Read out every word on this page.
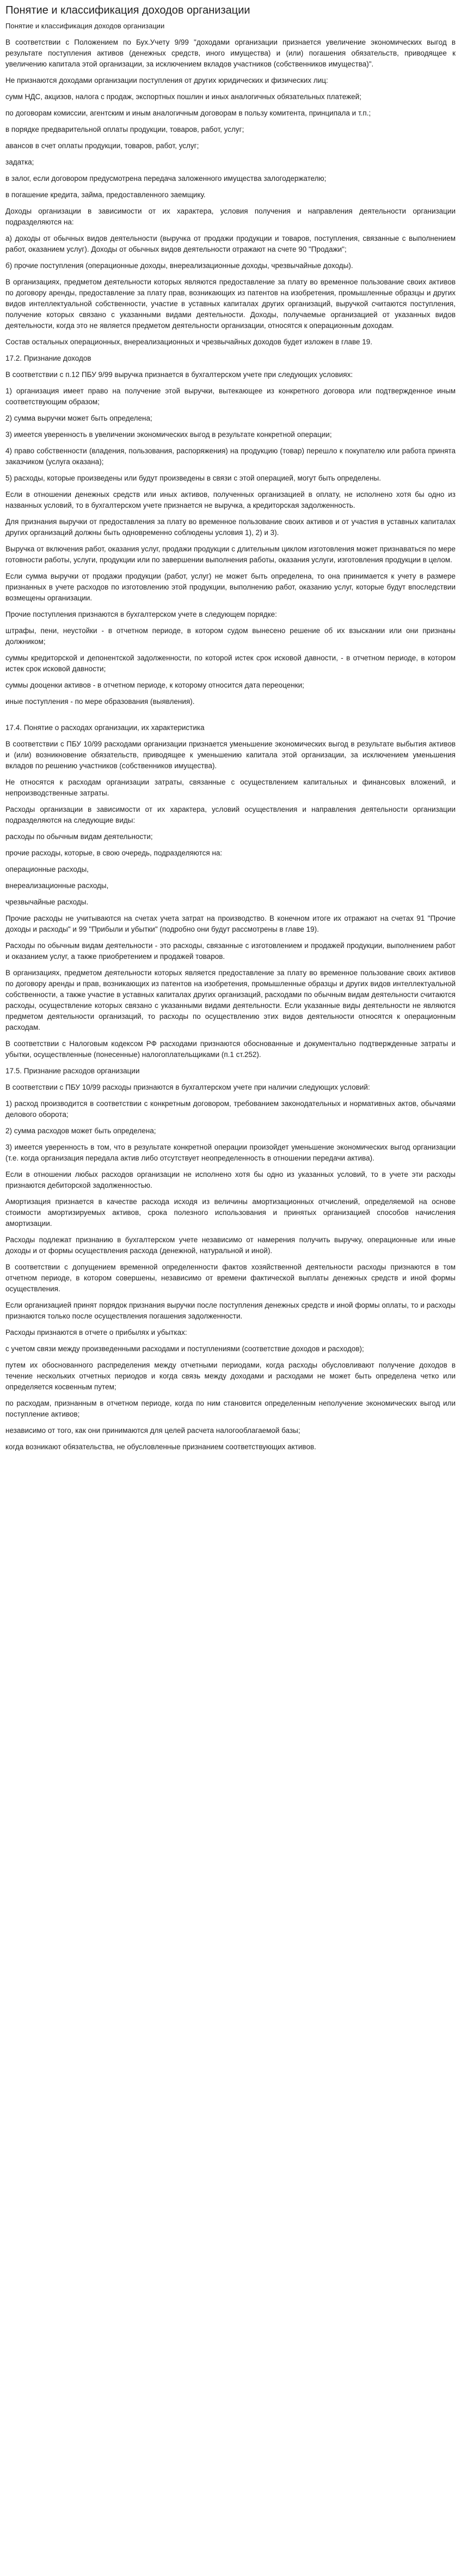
Понятие и классификация доходов организации
Понятие и классификация доходов организации

В соответствии с Положением по Бух.Учету 9/99 "доходами организации признается увеличение экономических выгод в результате поступления активов (денежных средств, иного имущества) и (или) погашения обязательств, приводящее к увеличению капитала этой организации, за исключением вкладов участников (собственников имущества)".

Не признаются доходами организации поступления от других юридических и физических лиц:

сумм НДС, акцизов, налога с продаж, экспортных пошлин и иных аналогичных обязательных платежей;

по договорам комиссии, агентским и иным аналогичным договорам в пользу комитента, принципала и т.п.;

в порядке предварительной оплаты продукции, товаров, работ, услуг;

авансов в счет оплаты продукции, товаров, работ, услуг;

задатка;

в залог, если договором предусмотрена передача заложенного имущества залогодержателю;

в погашение кредита, займа, предоставленного заемщику.

Доходы организации в зависимости от их характера, условия получения и направления деятельности организации подразделяются на:

а) доходы от обычных видов деятельности (выручка от продажи продукции и товаров, поступления, связанные с выполнением работ, оказанием услуг). Доходы от обычных видов деятельности отражают на счете 90 "Продажи";

б) прочие поступления (операционные доходы, внереализационные доходы, чрезвычайные доходы).

В организациях, предметом деятельности которых являются предоставление за плату во временное пользование своих активов по договору аренды, предоставление за плату прав, возникающих из патентов на изобретения, промышленные образцы и других видов интеллектуальной собственности, участие в уставных капиталах других организаций, выручкой считаются поступления, получение которых связано с указанными видами деятельности. Доходы, получаемые организацией от указанных видов деятельности, когда это не является предметом деятельности организации, относятся к операционным доходам.

Состав остальных операционных, внереализационных и чрезвычайных доходов будет изложен в главе 19.

17.2. Признание доходов

В соответствии с п.12 ПБУ 9/99 выручка признается в бухгалтерском учете при следующих условиях:

1) организация имеет право на получение этой выручки, вытекающее из конкретного договора или подтвержденное иным соответствующим образом;

2) сумма выручки может быть определена;

3) имеется уверенность в увеличении экономических выгод в результате конкретной операции;

4) право собственности (владения, пользования, распоряжения) на продукцию (товар) перешло к покупателю или работа принята заказчиком (услуга оказана);

5) расходы, которые произведены или будут произведены в связи с этой операцией, могут быть определены.

Если в отношении денежных средств или иных активов, полученных организацией в оплату, не исполнено хотя бы одно из названных условий, то в бухгалтерском учете признается не выручка, а кредиторская задолженность.

Для признания выручки от предоставления за плату во временное пользование своих активов и от участия в уставных капиталах других организаций должны быть одновременно соблюдены условия 1), 2) и 3).

Выручка от включения работ, оказания услуг, продажи продукции с длительным циклом изготовления может признаваться по мере готовности работы, услуги, продукции или по завершении выполнения работы, оказания услуги, изготовления продукции в целом.

Если сумма выручки от продажи продукции (работ, услуг) не может быть определена, то она принимается к учету в размере признанных в учете расходов по изготовлению этой продукции, выполнению работ, оказанию услуг, которые будут впоследствии возмещены организации.

Прочие поступления признаются в бухгалтерском учете в следующем порядке:

штрафы, пени, неустойки - в отчетном периоде, в котором судом вынесено решение об их взыскании или они признаны должником;

суммы кредиторской и депонентской задолженности, по которой истек срок исковой давности, - в отчетном периоде, в котором истек срок исковой давности;

суммы дооценки активов - в отчетном периоде, к которому относится дата переоценки;

иные поступления - по мере образования (выявления).

17.4. Понятие о расходах организации, их характеристика

В соответствии с ПБУ 10/99 расходами организации признается уменьшение экономических выгод в результате выбытия активов и (или) возникновение обязательств, приводящее к уменьшению капитала этой организации, за исключением уменьшения вкладов по решению участников (собственников имущества).

Не относятся к расходам организации затраты, связанные с осуществлением капитальных и финансовых вложений, и непроизводственные затраты.

Расходы организации в зависимости от их характера, условий осуществления и направления деятельности организации подразделяются на следующие виды:

расходы по обычным видам деятельности;

прочие расходы, которые, в свою очередь, подразделяются на:

операционные расходы,

внереализационные расходы,

чрезвычайные расходы.

Прочие расходы не учитываются на счетах учета затрат на производство. В конечном итоге их отражают на счетах 91 "Прочие доходы и расходы" и 99 "Прибыли и убытки" (подробно они будут рассмотрены в главе 19).

Расходы по обычным видам деятельности - это расходы, связанные с изготовлением и продажей продукции, выполнением работ и оказанием услуг, а также приобретением и продажей товаров.

В организациях, предметом деятельности которых является предоставление за плату во временное пользование своих активов по договору аренды и прав, возникающих из патентов на изобретения, промышленные образцы и других видов интеллектуальной собственности, а также участие в уставных капиталах других организаций, расходами по обычным видам деятельности считаются расходы, осуществление которых связано с указанными видами деятельности. Если указанные виды деятельности не являются предметом деятельности организаций, то расходы по осуществлению этих видов деятельности относятся к операционным расходам.

В соответствии с Налоговым кодексом РФ расходами признаются обоснованные и документально подтвержденные затраты и убытки, осуществленные (понесенные) налогоплательщиками (п.1 ст.252).

17.5. Признание расходов организации

В соответствии с ПБУ 10/99 расходы признаются в бухгалтерском учете при наличии следующих условий:

1) расход производится в соответствии с конкретным договором, требованием законодательных и нормативных актов, обычаями делового оборота;

2) сумма расходов может быть определена;

3) имеется уверенность в том, что в результате конкретной операции произойдет уменьшение экономических выгод организации (т.е. когда организация передала актив либо отсутствует неопределенность в отношении передачи актива).

Если в отношении любых расходов организации не исполнено хотя бы одно из указанных условий, то в учете эти расходы признаются дебиторской задолженностью.

Амортизация признается в качестве расхода исходя из величины амортизационных отчислений, определяемой на основе стоимости амортизируемых активов, срока полезного использования и принятых организацией способов начисления амортизации.

Расходы подлежат признанию в бухгалтерском учете независимо от намерения получить выручку, операционные или иные доходы и от формы осуществления расхода (денежной, натуральной и иной).

В соответствии с допущением временной определенности фактов хозяйственной деятельности расходы признаются в том отчетном периоде, в котором совершены, независимо от времени фактической выплаты денежных средств и иной формы осуществления.

Если организацией принят порядок признания выручки после поступления денежных средств и иной формы оплаты, то и расходы признаются только после осуществления погашения задолженности.

Расходы признаются в отчете о прибылях и убытках:

с учетом связи между произведенными расходами и поступлениями (соответствие доходов и расходов);

путем их обоснованного распределения между отчетными периодами, когда расходы обусловливают получение доходов в течение нескольких отчетных периодов и когда связь между доходами и расходами не может быть определена четко или определяется косвенным путем;

по расходам, признанным в отчетном периоде, когда по ним становится определенным неполучение экономических выгод или поступление активов;

независимо от того, как они принимаются для целей расчета налогооблагаемой базы;

когда возникают обязательства, не обусловленные признанием соответствующих активов.
